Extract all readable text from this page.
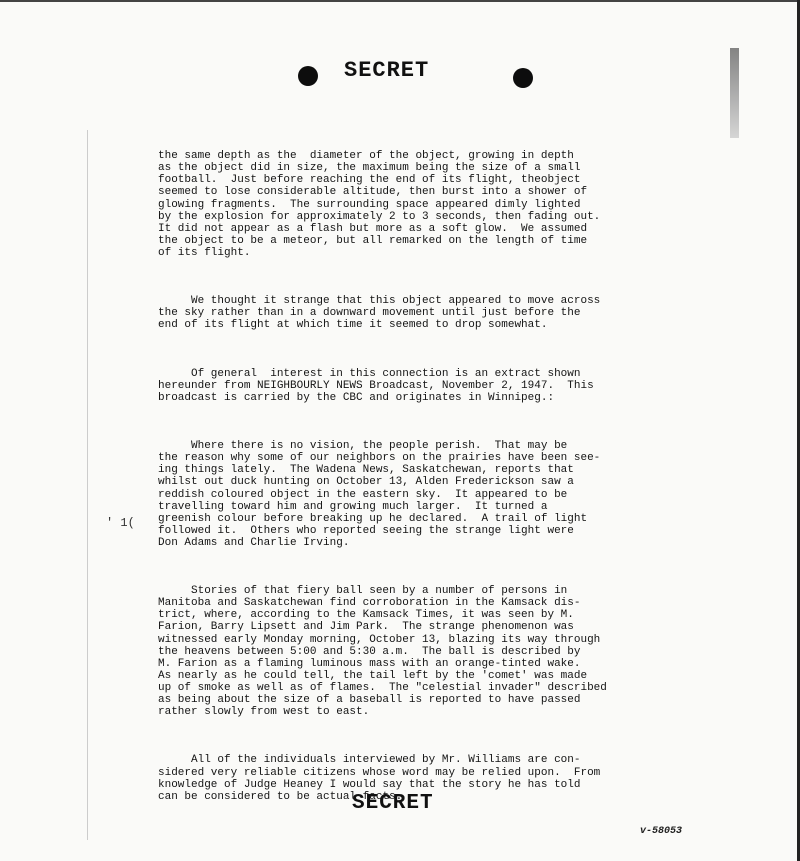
SECRET

the same depth as the  diameter of the object, growing in depth
as the object did in size, the maximum being the size of a small
football.  Just before reaching the end of its flight, theobject
seemed to lose considerable altitude, then burst into a shower of
glowing fragments.  The surrounding space appeared dimly lighted
by the explosion for approximately 2 to 3 seconds, then fading out.
It did not appear as a flash but more as a soft glow.  We assumed
the object to be a meteor, but all remarked on the length of time
of its flight.

We thought it strange that this object appeared to move across
the sky rather than in a downward movement until just before the
end of its flight at which time it seemed to drop somewhat.

Of general  interest in this connection is an extract shown
hereunder from NEIGHBOURLY NEWS Broadcast, November 2, 1947.  This
broadcast is carried by the CBC and originates in Winnipeg.:

Where there is no vision, the people perish.  That may be
the reason why some of our neighbors on the prairies have been see-
ing things lately.  The Wadena News, Saskatchewan, reports that
whilst out duck hunting on October 13, Alden Frederickson saw a
reddish coloured object in the eastern sky.  It appeared to be
travelling toward him and growing much larger.  It turned a
greenish colour before breaking up he declared.  A trail of light
followed it.  Others who reported seeing the strange light were
Don Adams and Charlie Irving.

Stories of that fiery ball seen by a number of persons in
Manitoba and Saskatchewan find corroboration in the Kamsack dis-
trict, where, according to the Kamsack Times, it was seen by M.
Farion, Barry Lipsett and Jim Park.  The strange phenomenon was
witnessed early Monday morning, October 13, blazing its way through
the heavens between 5:00 and 5:30 a.m.  The ball is described by
M. Farion as a flaming luminous mass with an orange-tinted wake.
As nearly as he could tell, the tail left by the 'comet' was made
up of smoke as well as of flames.  The "celestial invader" described
as being about the size of a baseball is reported to have passed
rather slowly from west to east.

All of the individuals interviewed by Mr. Williams are con-
sidered very reliable citizens whose word may be relied upon.  From
knowledge of Judge Heaney I would say that the story he has told
can be considered to be actual facts.

' 1(
SECRET
v-58053
